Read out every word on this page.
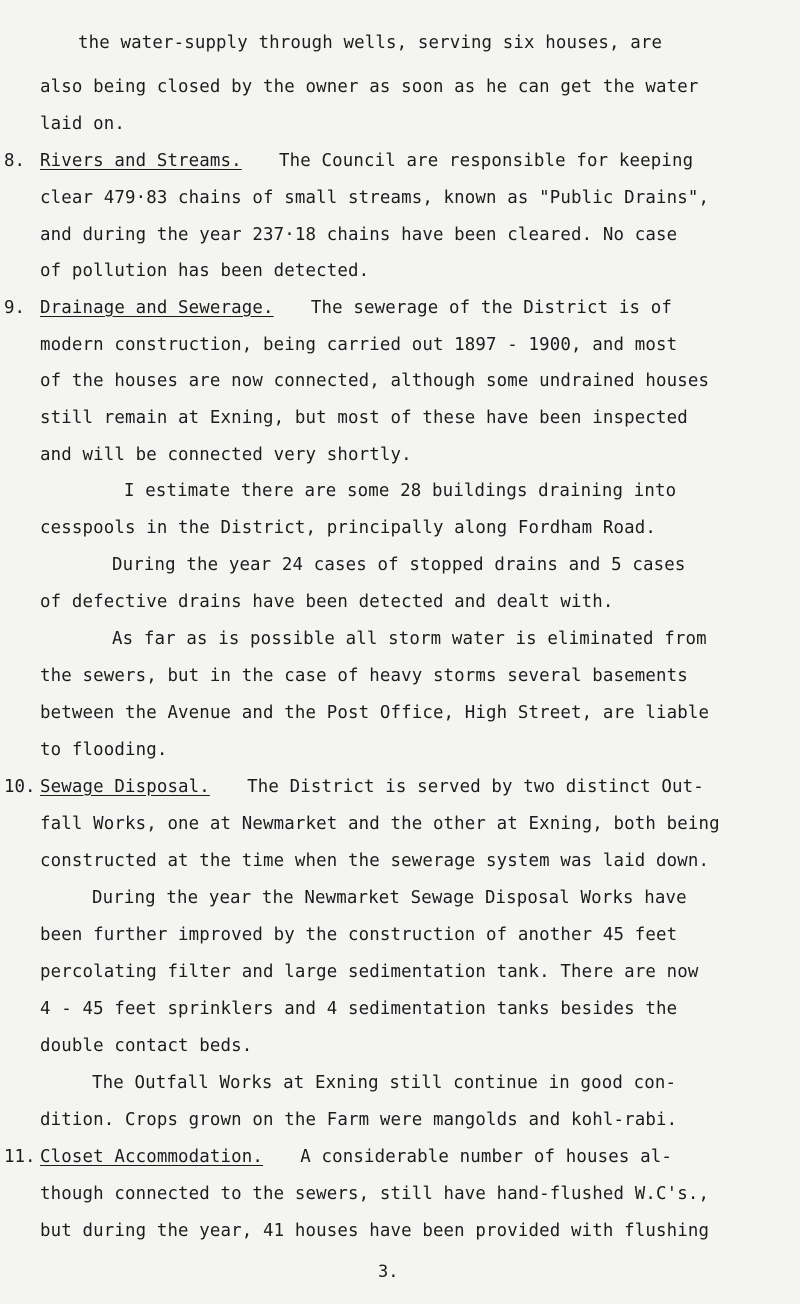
the water-supply through wells, serving six houses, are
also being closed by the owner as soon as he can get the water
laid on.
8. Rivers and Streams. The Council are responsible for keeping
clear 479·83 chains of small streams, known as "Public Drains",
and during the year 237·18 chains have been cleared. No case
of pollution has been detected.
9. Drainage and Sewerage. The sewerage of the District is of
modern construction, being carried out 1897 - 1900, and most
of the houses are now connected, although some undrained houses
still remain at Exning, but most of these have been inspected
and will be connected very shortly.
I estimate there are some 28 buildings draining into
cesspools in the District, principally along Fordham Road.
During the year 24 cases of stopped drains and 5 cases
of defective drains have been detected and dealt with.
As far as is possible all storm water is eliminated from
the sewers, but in the case of heavy storms several basements
between the Avenue and the Post Office, High Street, are liable
to flooding.
10. Sewage Disposal. The District is served by two distinct Out-
fall Works, one at Newmarket and the other at Exning, both being
constructed at the time when the sewerage system was laid down.
During the year the Newmarket Sewage Disposal Works have
been further improved by the construction of another 45 feet
percolating filter and large sedimentation tank. There are now
4 - 45 feet sprinklers and 4 sedimentation tanks besides the
double contact beds.
The Outfall Works at Exning still continue in good con-
dition. Crops grown on the Farm were mangolds and kohl-rabi.
11. Closet Accommodation. A considerable number of houses al-
though connected to the sewers, still have hand-flushed W.C's.,
but during the year, 41 houses have been provided with flushing
3.
